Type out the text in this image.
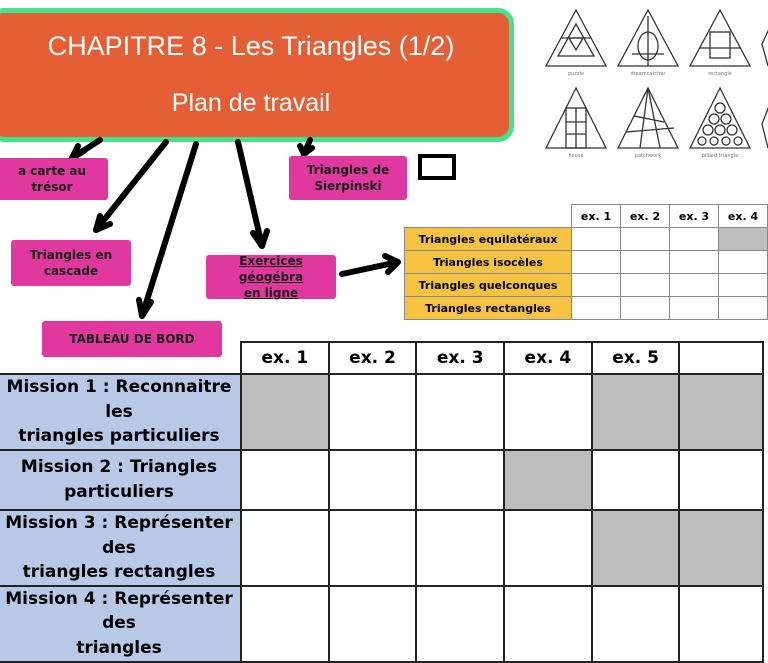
CHAPITRE 8 - Les Triangles (1/2)
Plan de travail
puzzle	dreamcatcher	rectangle
house	patchwork	billard triangle
a carte au trésor
Triangles de
Sierpinski
Triangles en
cascade
Exercices géogébra
en ligne
TABLEAU DE BORD
	ex. 1	ex. 2	ex. 3	ex. 4
Triangles equilatéraux				
Triangles isocèles				
Triangles quelconques				
Triangles rectangles				
	ex. 1	ex. 2	ex. 3	ex. 4	ex. 5	
Mission 1 : Reconnaitre les
triangles particuliers						
Mission 2 : Triangles
particuliers						
Mission 3 : Représenter des
triangles rectangles						
Mission 4 : Représenter des
triangles						
